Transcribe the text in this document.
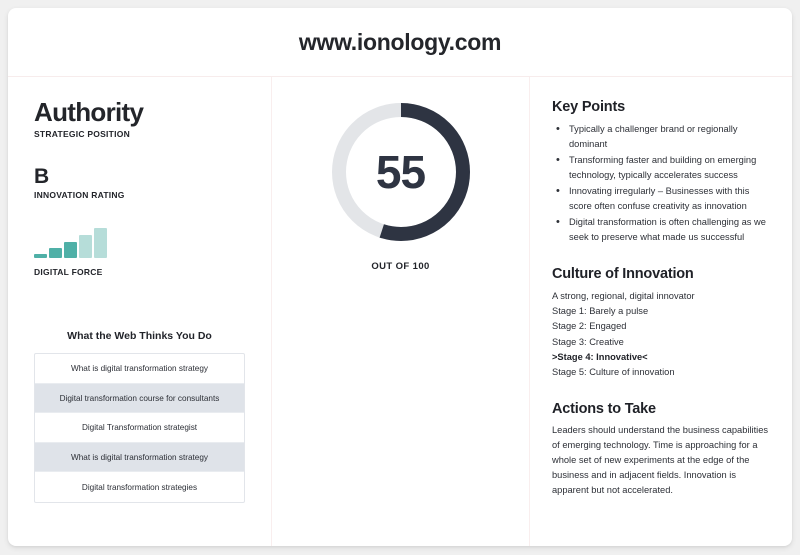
www.ionology.com
Authority
STRATEGIC POSITION
B
INNOVATION RATING
DIGITAL FORCE
What the Web Thinks You Do
What is digital transformation strategy
Digital transformation course for consultants
Digital Transformation strategist
What is digital transformation strategy
Digital transformation strategies
55
OUT OF 100
Key Points
• Typically a challenger brand or regionally dominant
• Transforming faster and building on emerging technology, typically accelerates success
• Innovating irregularly – Businesses with this score often confuse creativity as innovation
• Digital transformation is often challenging as we seek to preserve what made us successful
Culture of Innovation
A strong, regional, digital innovator
Stage 1: Barely a pulse
Stage 2: Engaged
Stage 3: Creative
>Stage 4: Innovative<
Stage 5: Culture of innovation
Actions to Take
Leaders should understand the business capabilities of emerging technology. Time is approaching for a whole set of new experiments at the edge of the business and in adjacent fields. Innovation is apparent but not accelerated.
